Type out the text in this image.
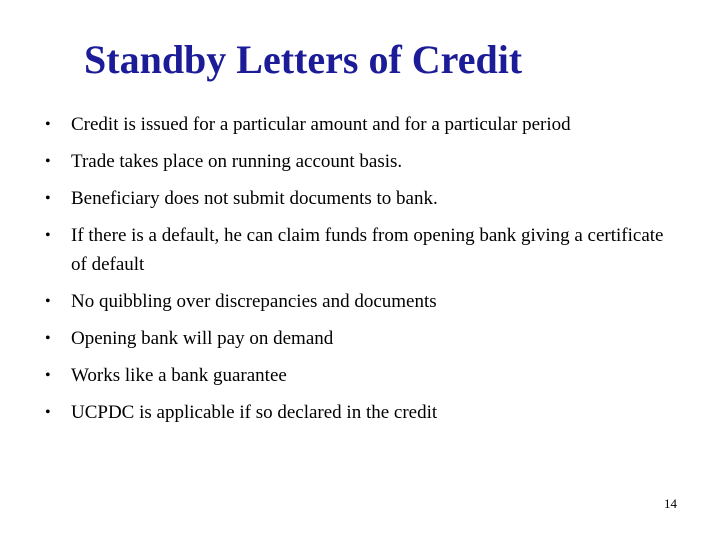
Standby Letters of Credit
• Credit is issued for a particular amount and for a particular period
• Trade takes place on running account basis.
• Beneficiary does not submit documents to bank.
• If there is a default, he can claim funds from opening bank giving a certificate of default
• No quibbling over discrepancies and documents
• Opening bank will pay on demand
• Works like a bank guarantee
• UCPDC is applicable if so declared in the credit
14
